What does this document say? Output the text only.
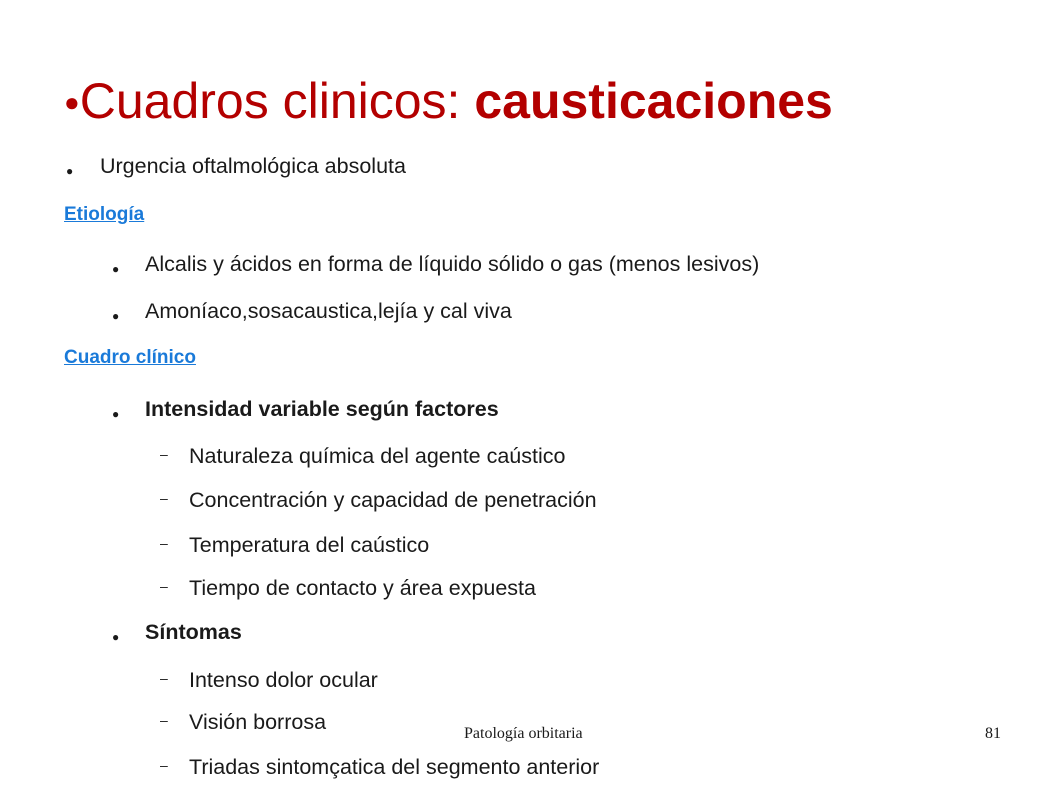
●Cuadros clinicos: causticaciones
● Urgencia oftalmológica absoluta
Etiología
● Alcalis y ácidos en forma de líquido sólido o gas (menos lesivos)
● Amoníaco,sosacaustica,lejía y cal viva
Cuadro clínico
● Intensidad variable según factores
– Naturaleza química del agente caústico
– Concentración y capacidad de penetración
– Temperatura del caústico
– Tiempo de contacto y área expuesta
● Síntomas
– Intenso dolor ocular
– Visión borrosa
– Triadas sintomçatica del segmento anterior
Patología orbitaria	81
